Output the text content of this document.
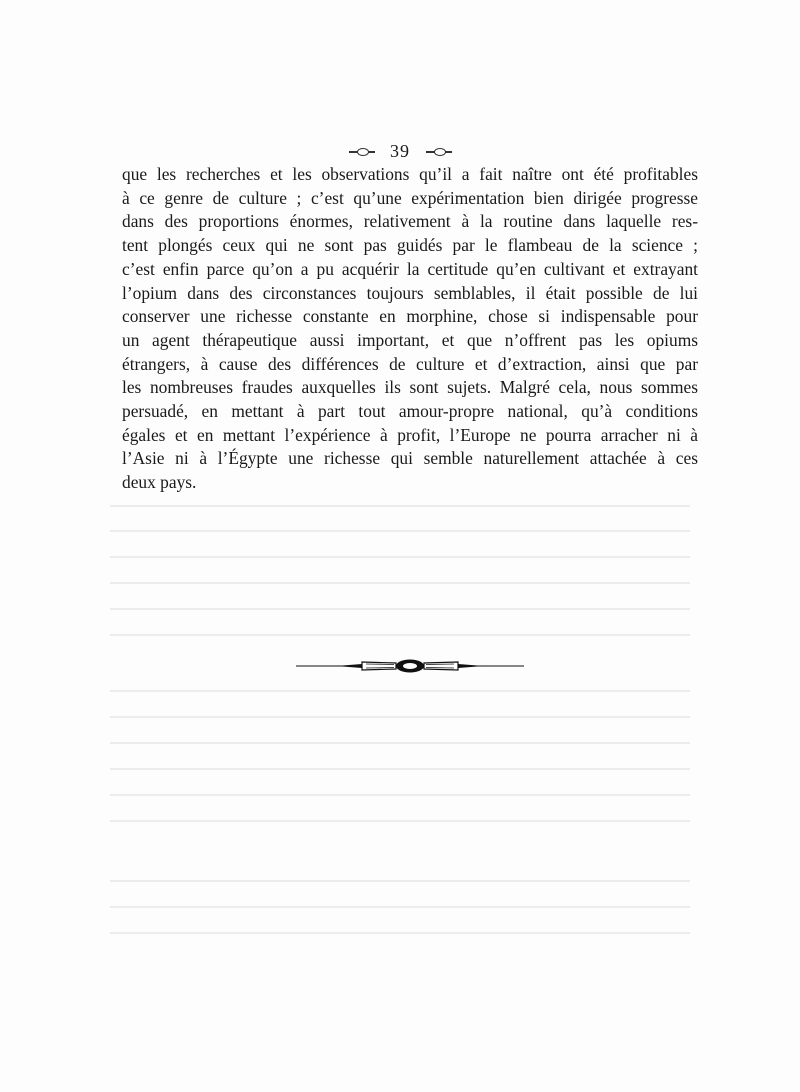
39
que les recherches et les observations qu’il a fait naître ont été profitables
à ce genre de culture ; c’est qu’une expérimentation bien dirigée progresse
dans des proportions énormes, relativement à la routine dans laquelle res-
tent plongés ceux qui ne sont pas guidés par le flambeau de la science ;
c’est enfin parce qu’on a pu acquérir la certitude qu’en cultivant et extrayant
l’opium dans des circonstances toujours semblables, il était possible de lui
conserver une richesse constante en morphine, chose si indispensable pour
un agent thérapeutique aussi important, et que n’offrent pas les opiums
étrangers, à cause des différences de culture et d’extraction, ainsi que par
les nombreuses fraudes auxquelles ils sont sujets. Malgré cela, nous sommes
persuadé, en mettant à part tout amour-propre national, qu’à conditions
égales et en mettant l’expérience à profit, l’Europe ne pourra arracher ni à
l’Asie ni à l’Égypte une richesse qui semble naturellement attachée à ces
deux pays.
